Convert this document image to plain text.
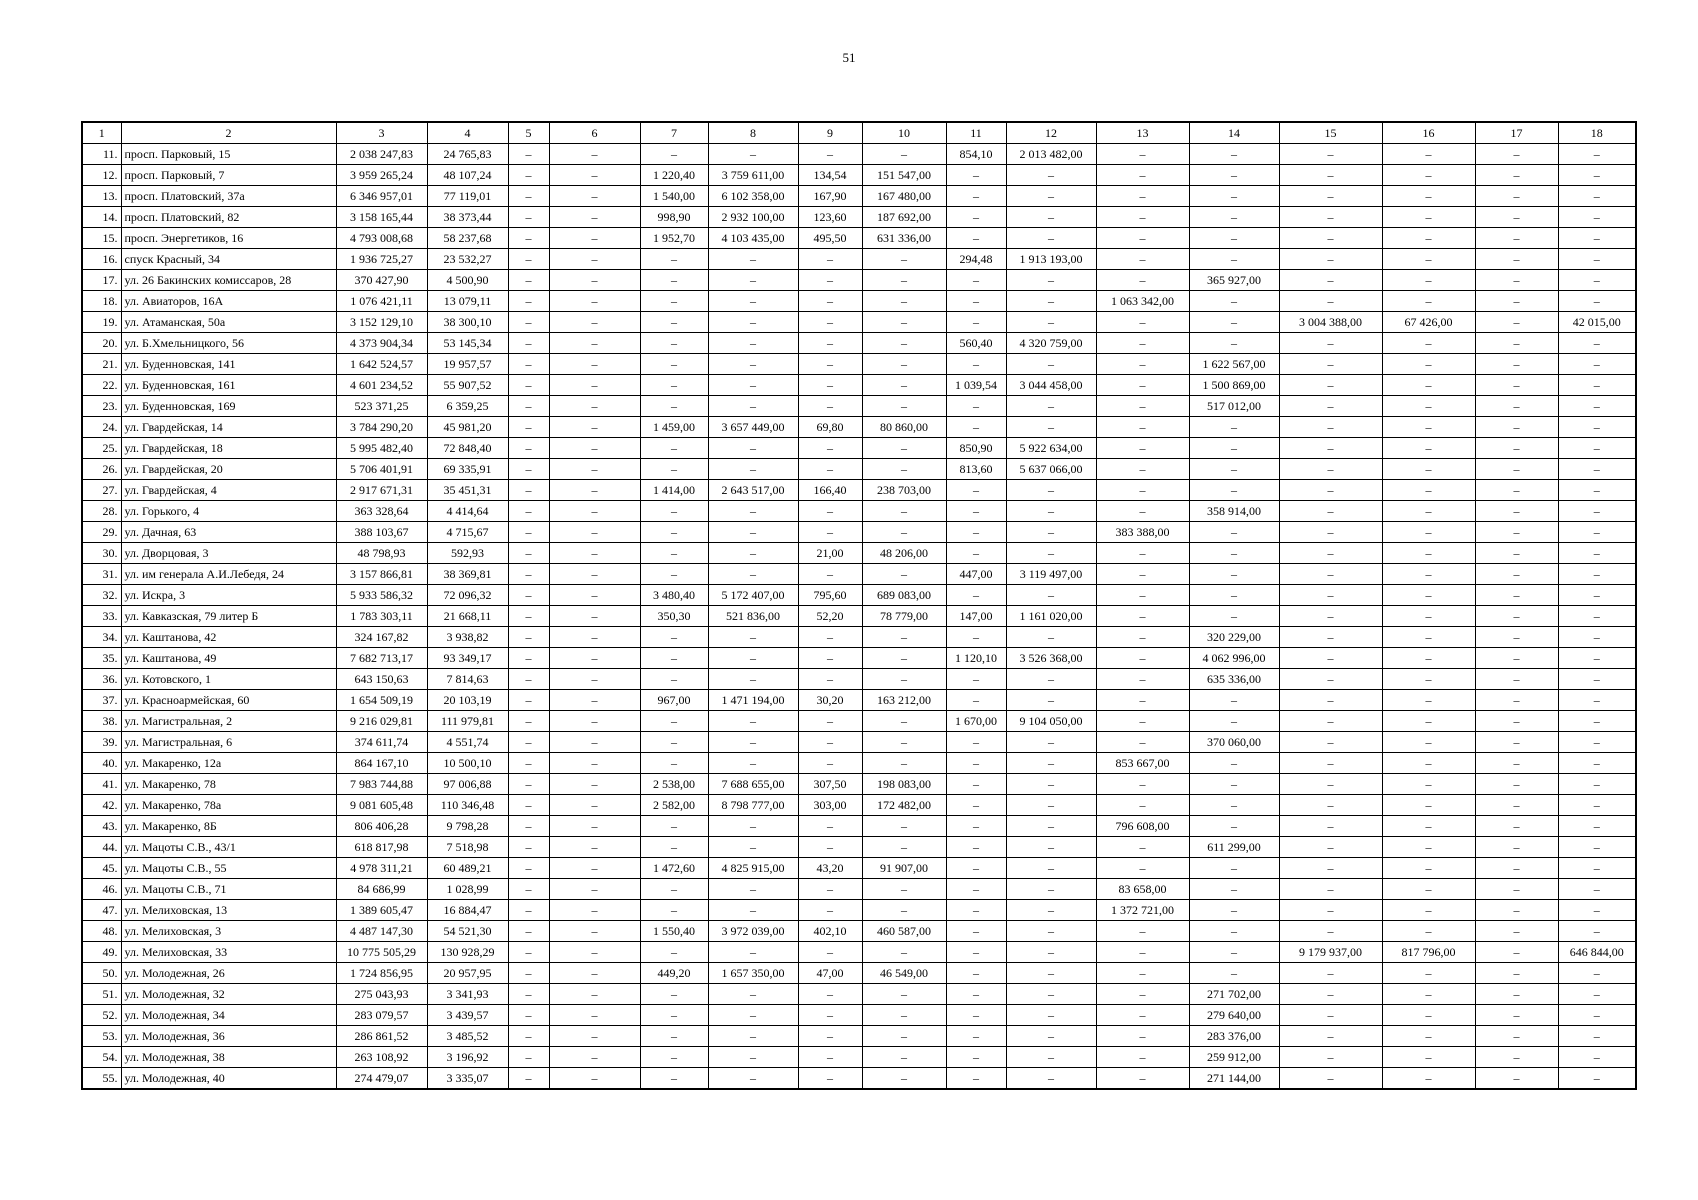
51
1	2	3	4	5	6	7	8	9	10	11	12	13	14	15	16	17	18
11.	просп. Парковый, 15	2 038 247,83	24 765,83	–	–	–	–	–	–	854,10	2 013 482,00	–	–	–	–	–	–
12.	просп. Парковый, 7	3 959 265,24	48 107,24	–	–	1 220,40	3 759 611,00	134,54	151 547,00	–	–	–	–	–	–	–	–
13.	просп. Платовский, 37а	6 346 957,01	77 119,01	–	–	1 540,00	6 102 358,00	167,90	167 480,00	–	–	–	–	–	–	–	–
14.	просп. Платовский, 82	3 158 165,44	38 373,44	–	–	998,90	2 932 100,00	123,60	187 692,00	–	–	–	–	–	–	–	–
15.	просп. Энергетиков, 16	4 793 008,68	58 237,68	–	–	1 952,70	4 103 435,00	495,50	631 336,00	–	–	–	–	–	–	–	–
16.	спуск Красный, 34	1 936 725,27	23 532,27	–	–	–	–	–	–	294,48	1 913 193,00	–	–	–	–	–	–
17.	ул. 26 Бакинских комиссаров, 28	370 427,90	4 500,90	–	–	–	–	–	–	–	–	–	365 927,00	–	–	–	–
18.	ул. Авиаторов, 16А	1 076 421,11	13 079,11	–	–	–	–	–	–	–	–	1 063 342,00	–	–	–	–	–
19.	ул. Атаманская, 50а	3 152 129,10	38 300,10	–	–	–	–	–	–	–	–	–	–	3 004 388,00	67 426,00	–	42 015,00
20.	ул. Б.Хмельницкого, 56	4 373 904,34	53 145,34	–	–	–	–	–	–	560,40	4 320 759,00	–	–	–	–	–	–
21.	ул. Буденновская, 141	1 642 524,57	19 957,57	–	–	–	–	–	–	–	–	–	1 622 567,00	–	–	–	–
22.	ул. Буденновская, 161	4 601 234,52	55 907,52	–	–	–	–	–	–	1 039,54	3 044 458,00	–	1 500 869,00	–	–	–	–
23.	ул. Буденновская, 169	523 371,25	6 359,25	–	–	–	–	–	–	–	–	–	517 012,00	–	–	–	–
24.	ул. Гвардейская, 14	3 784 290,20	45 981,20	–	–	1 459,00	3 657 449,00	69,80	80 860,00	–	–	–	–	–	–	–	–
25.	ул. Гвардейская, 18	5 995 482,40	72 848,40	–	–	–	–	–	–	850,90	5 922 634,00	–	–	–	–	–	–
26.	ул. Гвардейская, 20	5 706 401,91	69 335,91	–	–	–	–	–	–	813,60	5 637 066,00	–	–	–	–	–	–
27.	ул. Гвардейская, 4	2 917 671,31	35 451,31	–	–	1 414,00	2 643 517,00	166,40	238 703,00	–	–	–	–	–	–	–	–
28.	ул. Горького, 4	363 328,64	4 414,64	–	–	–	–	–	–	–	–	–	358 914,00	–	–	–	–
29.	ул. Дачная, 63	388 103,67	4 715,67	–	–	–	–	–	–	–	–	383 388,00	–	–	–	–	–
30.	ул. Дворцовая, 3	48 798,93	592,93	–	–	–	–	21,00	48 206,00	–	–	–	–	–	–	–	–
31.	ул. им генерала А.И.Лебедя, 24	3 157 866,81	38 369,81	–	–	–	–	–	–	447,00	3 119 497,00	–	–	–	–	–	–
32.	ул. Искра, 3	5 933 586,32	72 096,32	–	–	3 480,40	5 172 407,00	795,60	689 083,00	–	–	–	–	–	–	–	–
33.	ул. Кавказская, 79 литер Б	1 783 303,11	21 668,11	–	–	350,30	521 836,00	52,20	78 779,00	147,00	1 161 020,00	–	–	–	–	–	–
34.	ул. Каштанова, 42	324 167,82	3 938,82	–	–	–	–	–	–	–	–	–	320 229,00	–	–	–	–
35.	ул. Каштанова, 49	7 682 713,17	93 349,17	–	–	–	–	–	–	1 120,10	3 526 368,00	–	4 062 996,00	–	–	–	–
36.	ул. Котовского, 1	643 150,63	7 814,63	–	–	–	–	–	–	–	–	–	635 336,00	–	–	–	–
37.	ул. Красноармейская, 60	1 654 509,19	20 103,19	–	–	967,00	1 471 194,00	30,20	163 212,00	–	–	–	–	–	–	–	–
38.	ул. Магистральная, 2	9 216 029,81	111 979,81	–	–	–	–	–	–	1 670,00	9 104 050,00	–	–	–	–	–	–
39.	ул. Магистральная, 6	374 611,74	4 551,74	–	–	–	–	–	–	–	–	–	370 060,00	–	–	–	–
40.	ул. Макаренко, 12а	864 167,10	10 500,10	–	–	–	–	–	–	–	–	853 667,00	–	–	–	–	–
41.	ул. Макаренко, 78	7 983 744,88	97 006,88	–	–	2 538,00	7 688 655,00	307,50	198 083,00	–	–	–	–	–	–	–	–
42.	ул. Макаренко, 78а	9 081 605,48	110 346,48	–	–	2 582,00	8 798 777,00	303,00	172 482,00	–	–	–	–	–	–	–	–
43.	ул. Макаренко, 8Б	806 406,28	9 798,28	–	–	–	–	–	–	–	–	796 608,00	–	–	–	–	–
44.	ул. Мацоты С.В., 43/1	618 817,98	7 518,98	–	–	–	–	–	–	–	–	–	611 299,00	–	–	–	–
45.	ул. Мацоты С.В., 55	4 978 311,21	60 489,21	–	–	1 472,60	4 825 915,00	43,20	91 907,00	–	–	–	–	–	–	–	–
46.	ул. Мацоты С.В., 71	84 686,99	1 028,99	–	–	–	–	–	–	–	–	83 658,00	–	–	–	–	–
47.	ул. Мелиховская, 13	1 389 605,47	16 884,47	–	–	–	–	–	–	–	–	1 372 721,00	–	–	–	–	–
48.	ул. Мелиховская, 3	4 487 147,30	54 521,30	–	–	1 550,40	3 972 039,00	402,10	460 587,00	–	–	–	–	–	–	–	–
49.	ул. Мелиховская, 33	10 775 505,29	130 928,29	–	–	–	–	–	–	–	–	–	–	9 179 937,00	817 796,00	–	646 844,00
50.	ул. Молодежная, 26	1 724 856,95	20 957,95	–	–	449,20	1 657 350,00	47,00	46 549,00	–	–	–	–	–	–	–	–
51.	ул. Молодежная, 32	275 043,93	3 341,93	–	–	–	–	–	–	–	–	–	271 702,00	–	–	–	–
52.	ул. Молодежная, 34	283 079,57	3 439,57	–	–	–	–	–	–	–	–	–	279 640,00	–	–	–	–
53.	ул. Молодежная, 36	286 861,52	3 485,52	–	–	–	–	–	–	–	–	–	283 376,00	–	–	–	–
54.	ул. Молодежная, 38	263 108,92	3 196,92	–	–	–	–	–	–	–	–	–	259 912,00	–	–	–	–
55.	ул. Молодежная, 40	274 479,07	3 335,07	–	–	–	–	–	–	–	–	–	271 144,00	–	–	–	–
